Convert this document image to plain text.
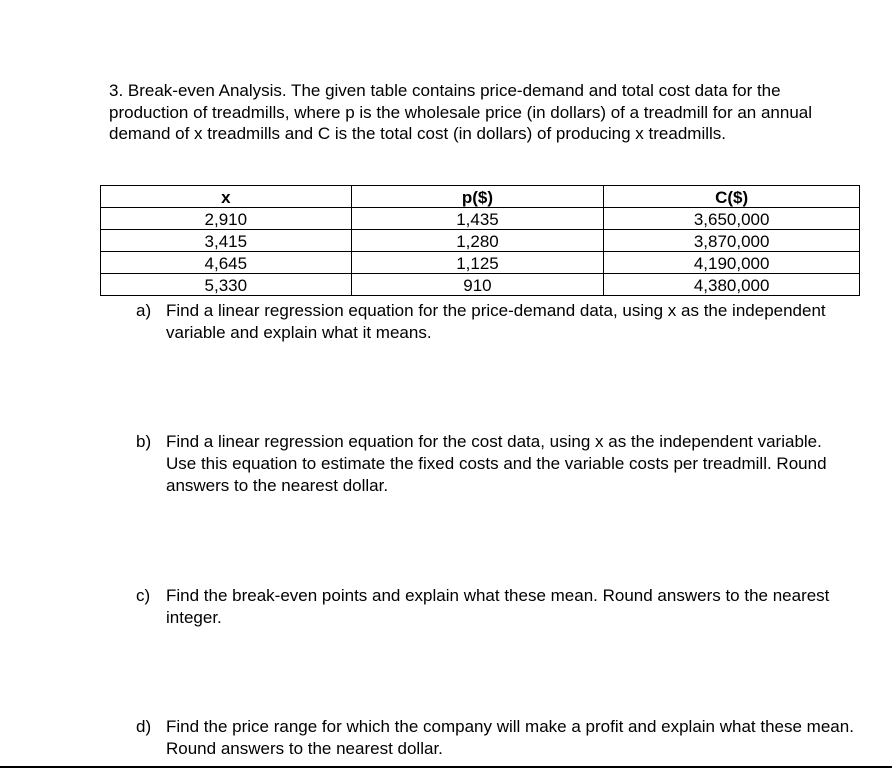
3. Break-even Analysis. The given table contains price-demand and total cost data for the production of treadmills, where p is the wholesale price (in dollars) of a treadmill for an annual demand of x treadmills and C is the total cost (in dollars) of producing x treadmills.
x	p($)	C($)
2,910	1,435	3,650,000
3,415	1,280	3,870,000
4,645	1,125	4,190,000
5,330	910	4,380,000
a) Find a linear regression equation for the price-demand data, using x as the independent variable and explain what it means.
b) Find a linear regression equation for the cost data, using x as the independent variable. Use this equation to estimate the fixed costs and the variable costs per treadmill. Round answers to the nearest dollar.
c) Find the break-even points and explain what these mean. Round answers to the nearest integer.
d) Find the price range for which the company will make a profit and explain what these mean. Round answers to the nearest dollar.
